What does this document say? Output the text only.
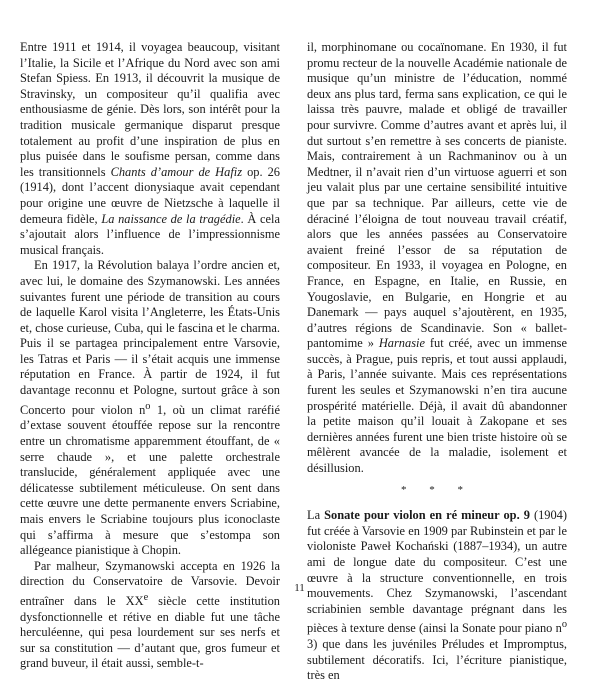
Entre 1911 et 1914, il voyagea beaucoup, visitant l’Italie, la Sicile et l’Afrique du Nord avec son ami Stefan Spiess. En 1913, il découvrit la musique de Stravinsky, un compositeur qu’il qualifia avec enthousiasme de génie. Dès lors, son intérêt pour la tradition musicale germanique disparut presque totalement au profit d’une inspiration de plus en plus puisée dans le soufisme persan, comme dans les transitionnels Chants d’amour de Hafiz op. 26 (1914), dont l’accent dionysiaque avait cependant pour origine une œuvre de Nietzsche à laquelle il demeura fidèle, La naissance de la tragédie. À cela s’ajoutait alors l’influence de l’impressionnisme musical français.

En 1917, la Révolution balaya l’ordre ancien et, avec lui, le domaine des Szymanowski. Les années suivantes furent une période de transition au cours de laquelle Karol visita l’Angleterre, les États-Unis et, chose curieuse, Cuba, qui le fascina et le charma. Puis il se partagea principalement entre Varsovie, les Tatras et Paris — il s’était acquis une immense réputation en France. À partir de 1924, il fut davantage reconnu et Pologne, surtout grâce à son Concerto pour violon $n^o$ 1, où un climat raréfié d’extase souvent étouffée repose sur la rencontre entre un chromatisme apparemment étouffant, de « serre chaude », et une palette orchestrale translucide, généralement appliquée avec une délicatesse subtilement méticuleuse. On sent dans cette œuvre une dette permanente envers Scriabine, mais envers le Scriabine toujours plus iconoclaste qui s’affirma à mesure que s’estompa son allégeance pianistique à Chopin.

Par malheur, Szymanowski accepta en 1926 la direction du Conservatoire de Varsovie. Devoir entraîner dans le XXe siècle cette institution dysfonctionnelle et rétive en diable fut une tâche herculéenne, qui pesa lourdement sur ses nerfs et sur sa constitution — d’autant que, gros fumeur et grand buveur, il était aussi, semble-t-

il, morphinomane ou cocaïnomane. En 1930, il fut promu recteur de la nouvelle Académie nationale de musique qu’un ministre de l’éducation, nommé deux ans plus tard, ferma sans explication, ce qui le laissa très pauvre, malade et obligé de travailler pour survivre. Comme d’autres avant et après lui, il dut surtout s’en remettre à ses concerts de pianiste. Mais, contrairement à un Rachmaninov ou à un Medtner, il n’avait rien d’un virtuose aguerri et son jeu valait plus par une certaine sensibilité intuitive que par sa technique. Par ailleurs, cette vie de déraciné l’éloigna de tout nouveau travail créatif, alors que les années passées au Conservatoire avaient freiné l’essor de sa réputation de compositeur. En 1933, il voyagea en Pologne, en France, en Espagne, en Italie, en Russie, en Yougoslavie, en Bulgarie, en Hongrie et au Danemark — pays auquel s’ajoutèrent, en 1935, d’autres régions de Scandinavie. Son « ballet-pantomime » Harnasie fut créé, avec un immense succès, à Prague, puis repris, et tout aussi applaudi, à Paris, l’année suivante. Mais ces représentations furent les seules et Szymanowski n’en tira aucune prospérité matérielle. Déjà, il avait dû abandonner la petite maison qu’il louait à Zakopane et ses dernières années furent une bien triste histoire où se mêlèrent avancée de la maladie, isolement et désillusion.

* * *

La Sonate pour violon en ré mineur op. 9 (1904) fut créée à Varsovie en 1909 par Rubinstein et par le violoniste Paweł Kochański (1887–1934), un autre ami de longue date du compositeur. C’est une œuvre à la structure conventionnelle, en trois mouvements. Chez Szymanowski, l’ascendant scriabinien semble davantage prégnant dans les pièces à texture dense (ainsi la Sonate pour piano $n^o$ 3) que dans les juvéniles Préludes et Impromptus, subtilement décoratifs. Ici, l’écriture pianistique, très en

11
